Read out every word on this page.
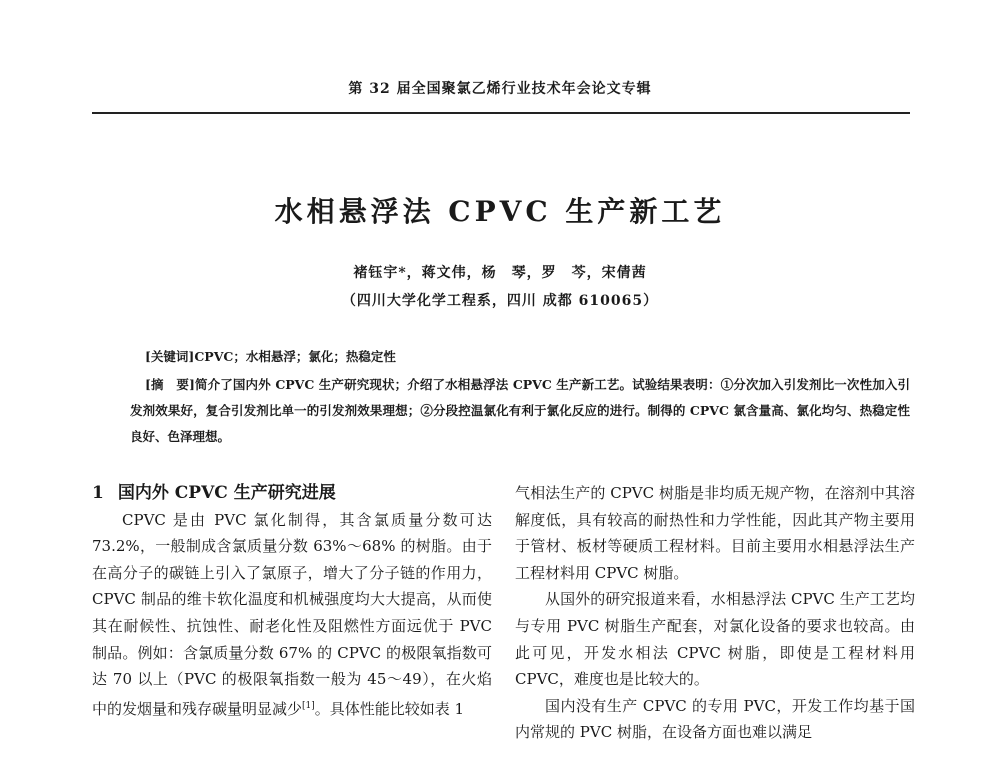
第 32 届全国聚氯乙烯行业技术年会论文专辑
水相悬浮法 CPVC 生产新工艺
褚钰宇*，蒋文伟，杨　琴，罗　芩，宋倩茜
（四川大学化学工程系，四川 成都 610065）
[关键词]CPVC；水相悬浮；氯化；热稳定性
[摘　要]简介了国内外 CPVC 生产研究现状；介绍了水相悬浮法 CPVC 生产新工艺。试验结果表明：①分次加入引发剂比一次性加入引发剂效果好，复合引发剂比单一的引发剂效果理想；②分段控温氯化有利于氯化反应的进行。制得的 CPVC 氯含量高、氯化均匀、热稳定性良好、色泽理想。

1 国内外 CPVC 生产研究进展

CPVC 是由 PVC 氯化制得，其含氯质量分数可达 73.2%，一般制成含氯质量分数 63%～68% 的树脂。由于在高分子的碳链上引入了氯原子，增大了分子链的作用力，CPVC 制品的维卡软化温度和机械强度均大大提高，从而使其在耐候性、抗蚀性、耐老化性及阻燃性方面远优于 PVC 制品。例如：含氯质量分数 67% 的 CPVC 的极限氧指数可达 70 以上（PVC 的极限氧指数一般为 45～49），在火焰中的发烟量和残存碳量明显减少[1]。具体性能比较如表 1

气相法生产的 CPVC 树脂是非均质无规产物，在溶剂中其溶解度低，具有较高的耐热性和力学性能，因此其产物主要用于管材、板材等硬质工程材料。目前主要用水相悬浮法生产工程材料用 CPVC 树脂。

从国外的研究报道来看，水相悬浮法 CPVC 生产工艺均与专用 PVC 树脂生产配套，对氯化设备的要求也较高。由此可见，开发水相法 CPVC 树脂，即使是工程材料用 CPVC，难度也是比较大的。

国内没有生产 CPVC 的专用 PVC，开发工作均基于国内常规的 PVC 树脂，在设备方面也难以满足
